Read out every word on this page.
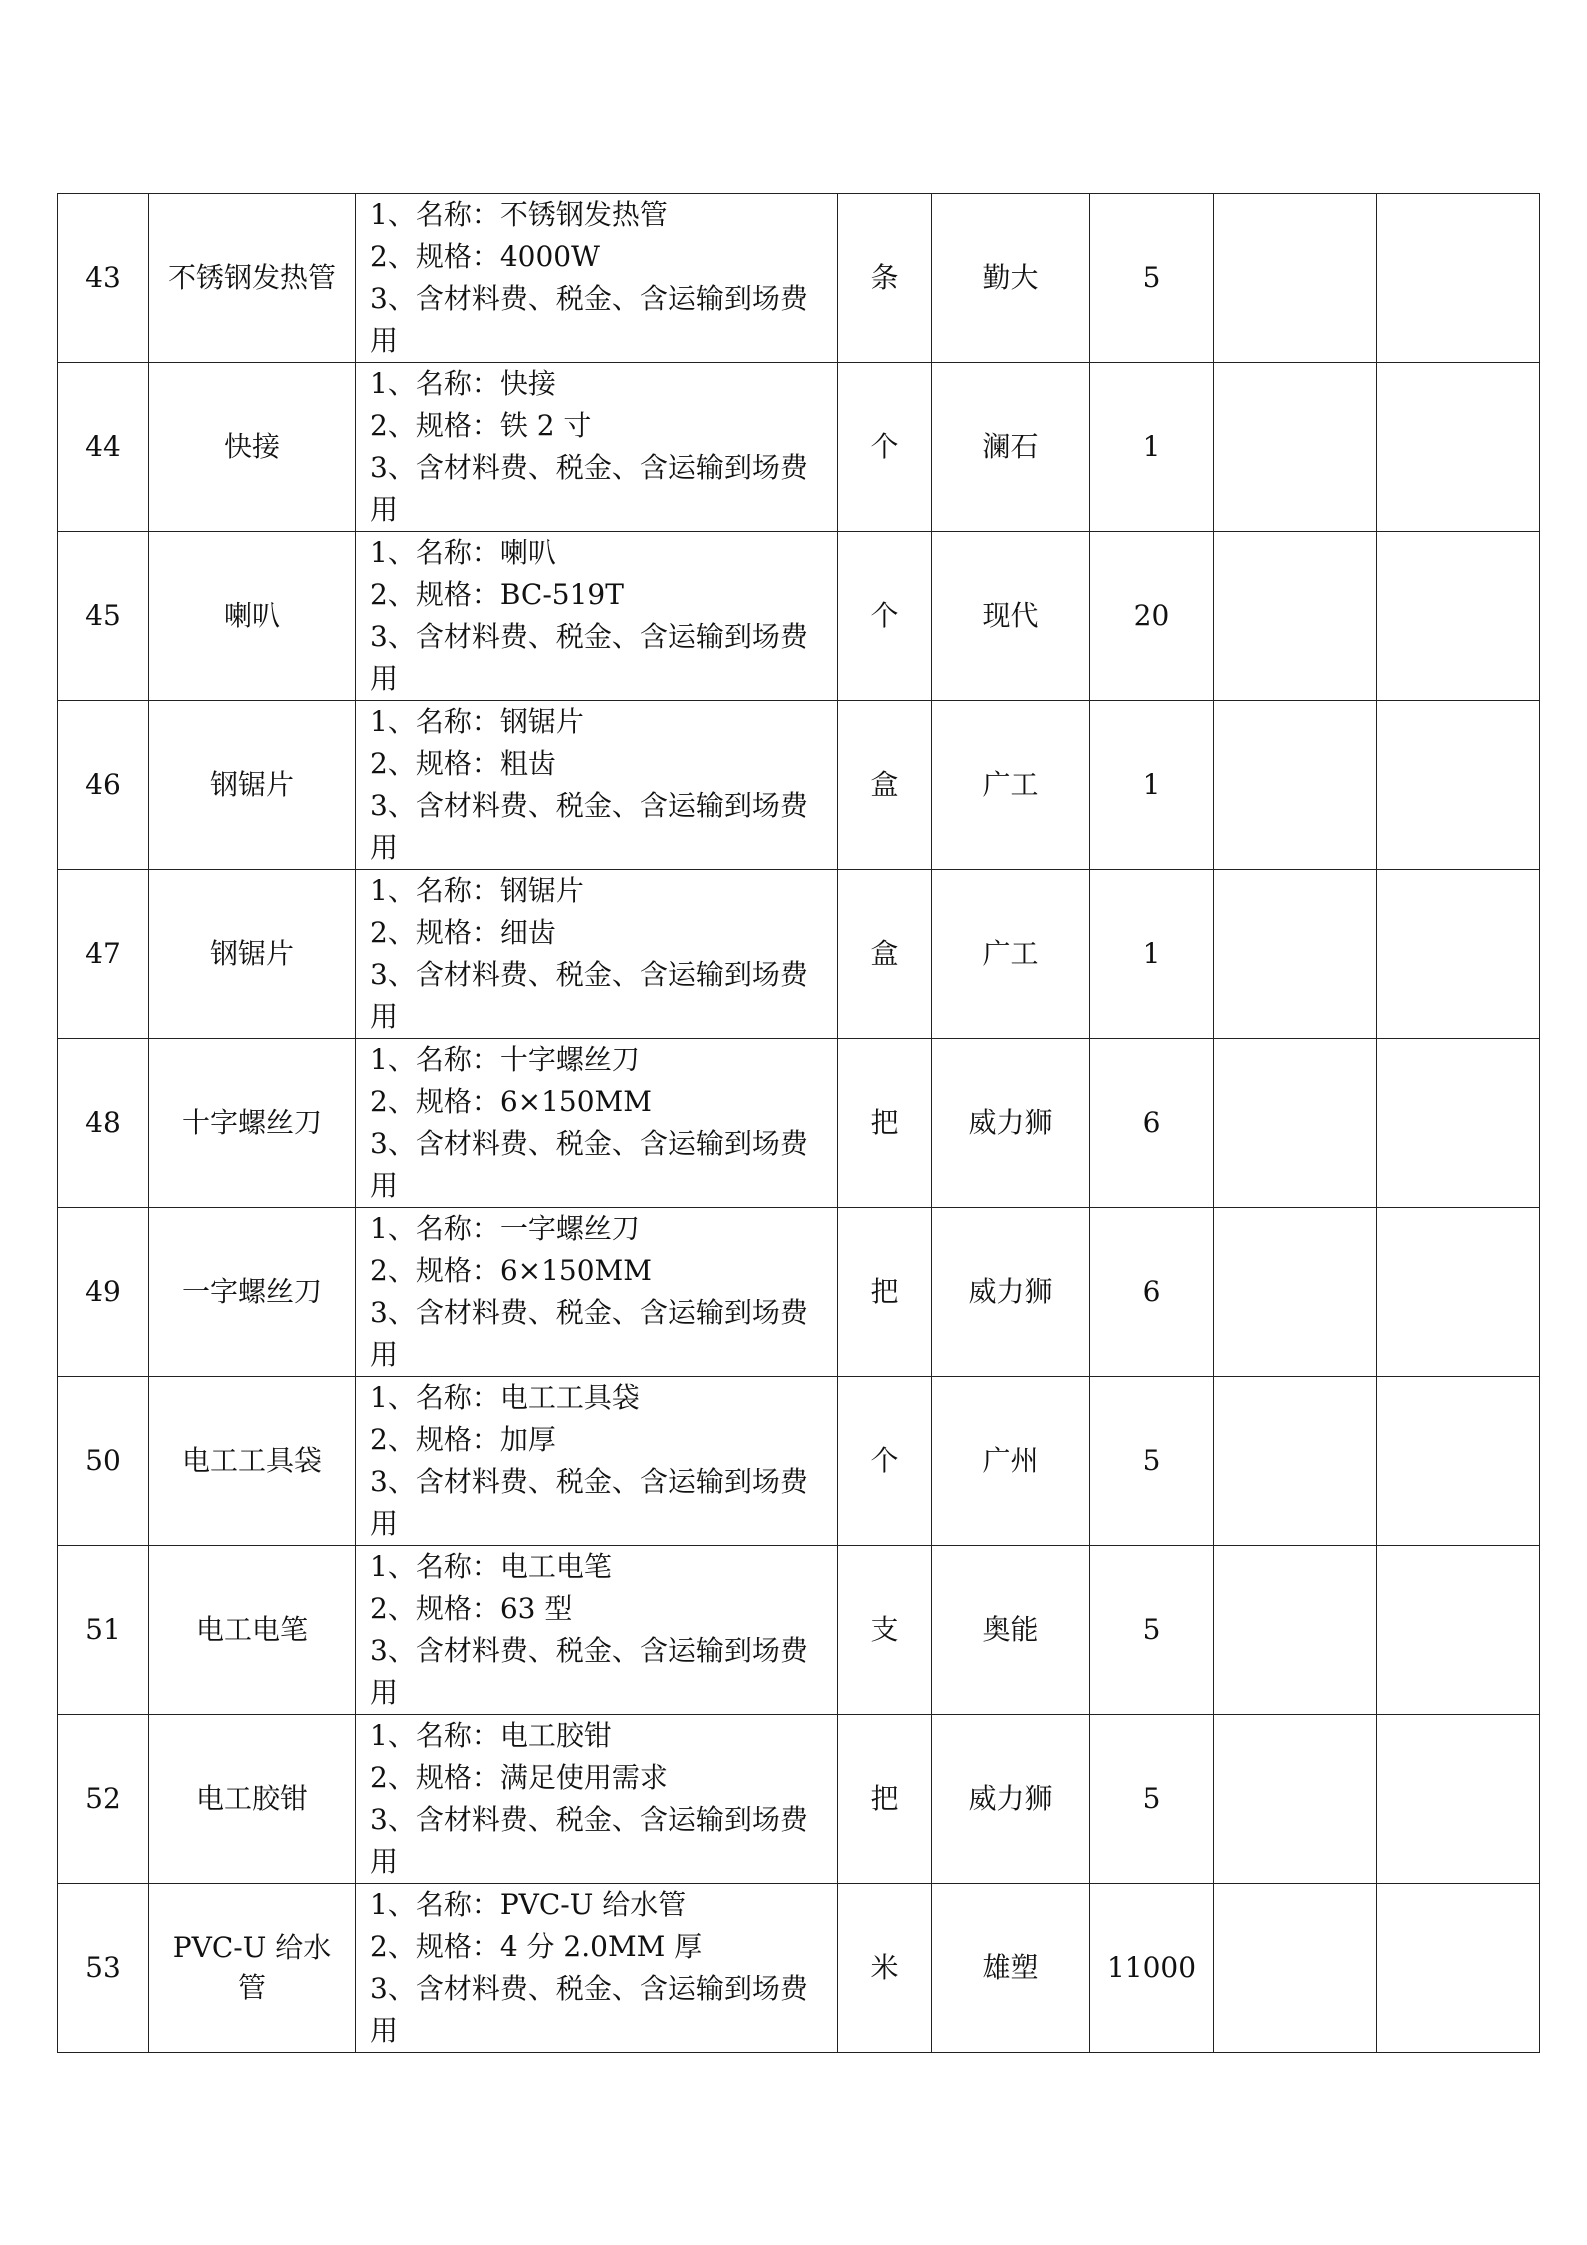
43	不锈钢发热管	1、名称：不锈钢发热管
2、规格：4000W
3、含材料费、税金、含运输到场费用	条	勤大	5		
44	快接	1、名称：快接
2、规格：铁 2 寸
3、含材料费、税金、含运输到场费用	个	澜石	1		
45	喇叭	1、名称：喇叭
2、规格：BC-519T
3、含材料费、税金、含运输到场费用	个	现代	20		
46	钢锯片	1、名称：钢锯片
2、规格：粗齿
3、含材料费、税金、含运输到场费用	盒	广工	1		
47	钢锯片	1、名称：钢锯片
2、规格：细齿
3、含材料费、税金、含运输到场费用	盒	广工	1		
48	十字螺丝刀	1、名称：十字螺丝刀
2、规格：6×150MM
3、含材料费、税金、含运输到场费用	把	威力狮	6		
49	一字螺丝刀	1、名称：一字螺丝刀
2、规格：6×150MM
3、含材料费、税金、含运输到场费用	把	威力狮	6		
50	电工工具袋	1、名称：电工工具袋
2、规格：加厚
3、含材料费、税金、含运输到场费用	个	广州	5		
51	电工电笔	1、名称：电工电笔
2、规格：63 型
3、含材料费、税金、含运输到场费用	支	奥能	5		
52	电工胶钳	1、名称：电工胶钳
2、规格：满足使用需求
3、含材料费、税金、含运输到场费用	把	威力狮	5		
53	PVC-U 给水管	1、名称：PVC-U 给水管
2、规格：4 分 2.0MM 厚
3、含材料费、税金、含运输到场费用	米	雄塑	11000		
